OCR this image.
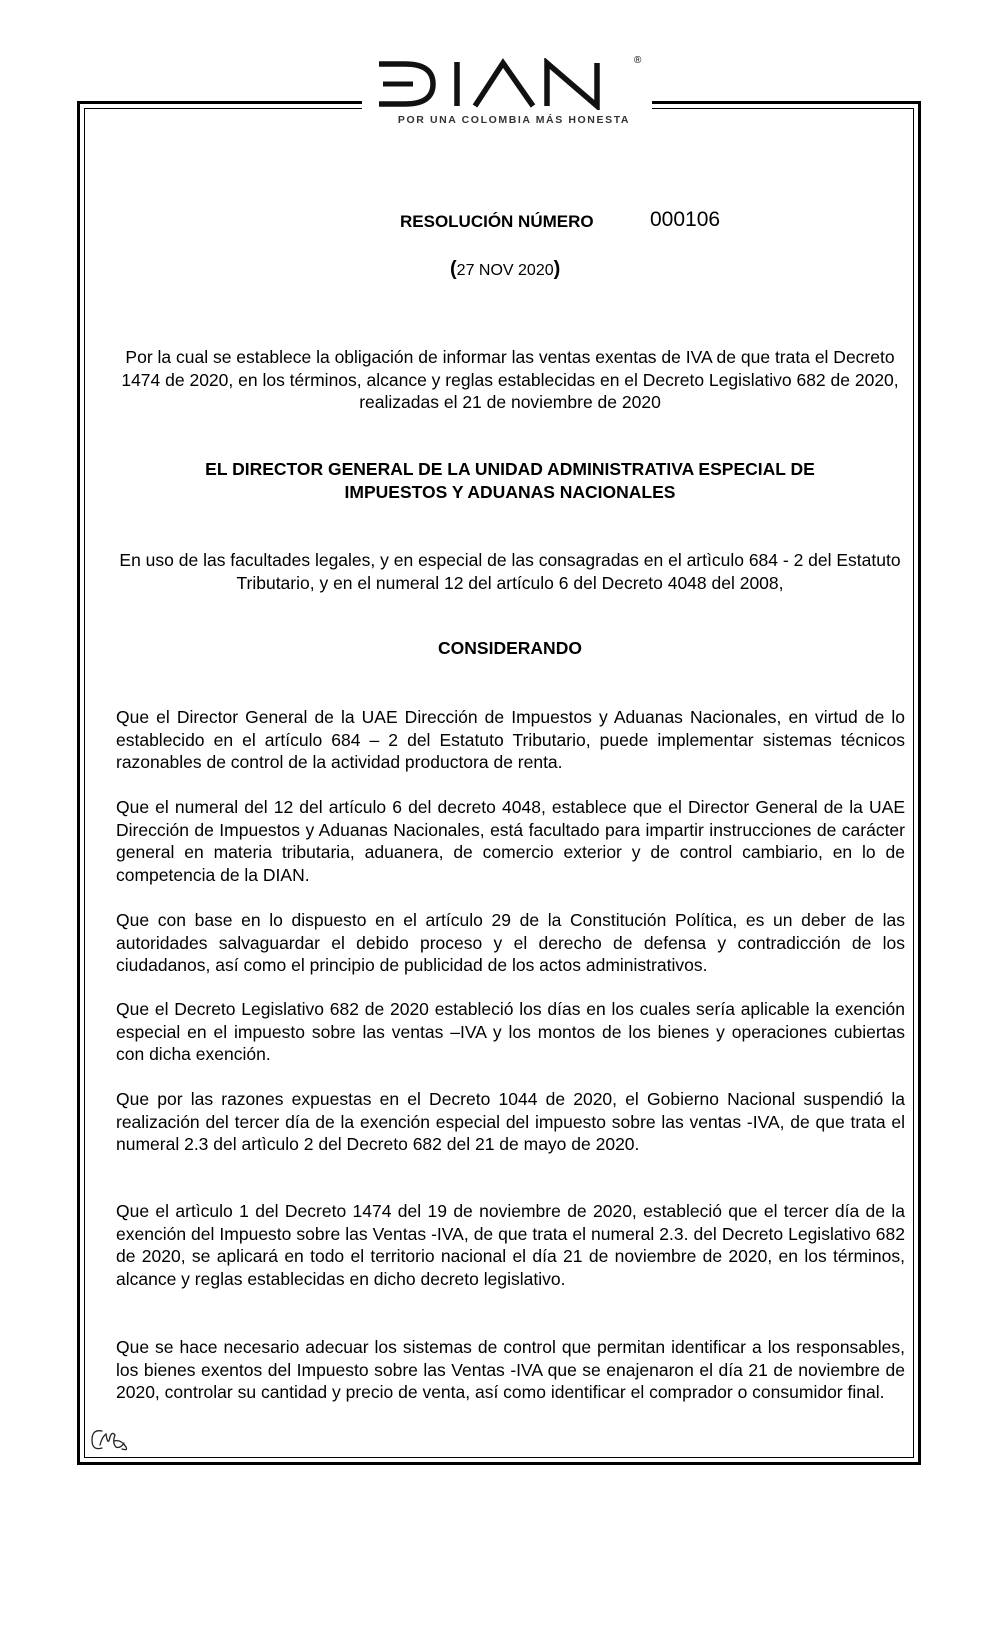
®
POR UNA COLOMBIA MÁS HONESTA
RESOLUCIÓN NÚMERO	000106
(27 NOV 2020)
Por la cual se establece la obligación de informar las ventas exentas de IVA de que trata el Decreto 1474 de 2020, en los términos, alcance y reglas establecidas en el Decreto Legislativo 682 de 2020, realizadas el 21 de noviembre de 2020
EL DIRECTOR GENERAL DE LA UNIDAD ADMINISTRATIVA ESPECIAL DE IMPUESTOS Y ADUANAS NACIONALES
En uso de las facultades legales, y en especial de las consagradas en el artìculo 684 - 2 del Estatuto Tributario, y en el numeral 12 del artículo 6 del Decreto 4048 del 2008,
CONSIDERANDO
Que el Director General de la UAE Dirección de Impuestos y Aduanas Nacionales, en virtud de lo establecido en el artículo 684 – 2 del Estatuto Tributario, puede implementar sistemas técnicos razonables de control de la actividad productora de renta.
Que el numeral del 12 del artículo 6 del decreto 4048, establece que el Director General de la UAE Dirección de Impuestos y Aduanas Nacionales, está facultado para impartir instrucciones de carácter general en materia tributaria, aduanera, de comercio exterior y de control cambiario, en lo de competencia de la DIAN.
Que con base en lo dispuesto en el artículo 29 de la Constitución Política, es un deber de las autoridades salvaguardar el debido proceso y el derecho de defensa y contradicción de los ciudadanos, así como el principio de publicidad de los actos administrativos.
Que el Decreto Legislativo 682 de 2020 estableció los días en los cuales sería aplicable la exención especial en el impuesto sobre las ventas –IVA y los montos de los bienes y operaciones cubiertas con dicha exención.
Que por las razones expuestas en el Decreto 1044 de 2020, el Gobierno Nacional suspendió la realización del tercer día de la exención especial del impuesto sobre las ventas -IVA, de que trata el numeral 2.3 del artìculo 2 del Decreto 682 del 21 de mayo de 2020.
Que el artìculo 1 del Decreto 1474 del 19 de noviembre de 2020, estableció que el tercer día de la exención del Impuesto sobre las Ventas -IVA, de que trata el numeral 2.3. del Decreto Legislativo 682 de 2020, se aplicará en todo el territorio nacional el día 21 de noviembre de 2020, en los términos, alcance y reglas establecidas en dicho decreto legislativo.
Que se hace necesario adecuar los sistemas de control que permitan identificar a los responsables, los bienes exentos del Impuesto sobre las Ventas -IVA que se enajenaron el día 21 de noviembre de 2020, controlar su cantidad y precio de venta, así como identificar el comprador o consumidor final.
